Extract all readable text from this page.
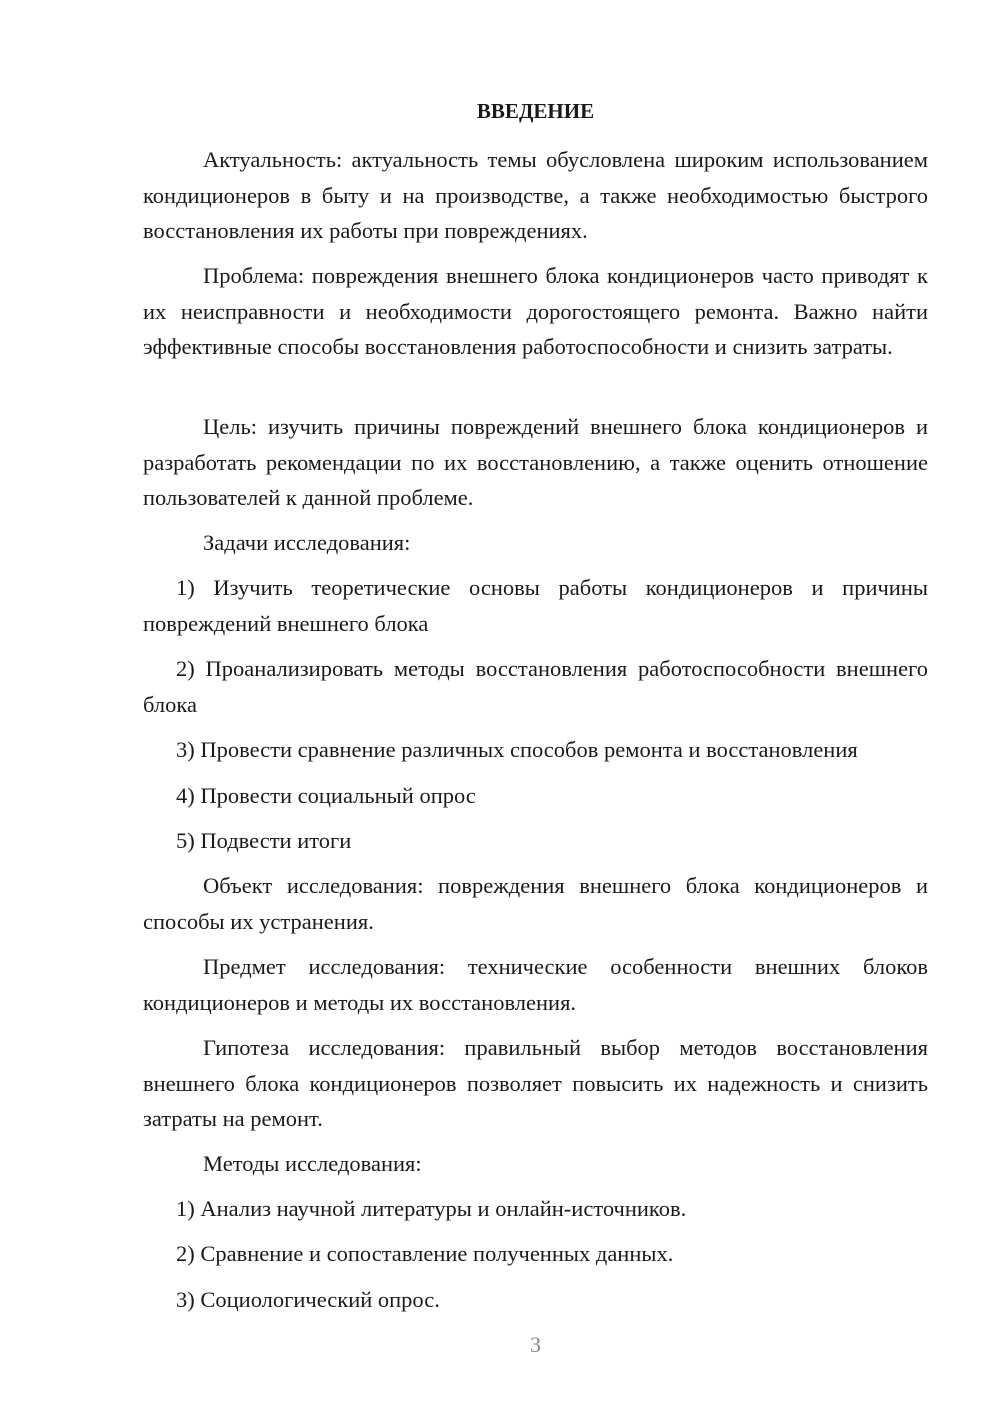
ВВЕДЕНИЕ

Актуальность: актуальность темы обусловлена широким использованием кондиционеров в быту и на производстве, а также необходимостью быстрого восстановления их работы при повреждениях.

Проблема: повреждения внешнего блока кондиционеров часто приводят к их неисправности и необходимости дорогостоящего ремонта. Важно найти эффективные способы восстановления работоспособности и снизить затраты.

Цель: изучить причины повреждений внешнего блока кондиционеров и разработать рекомендации по их восстановлению, а также оценить отношение пользователей к данной проблеме.

Задачи исследования:

1) Изучить теоретические основы работы кондиционеров и причины повреждений внешнего блока

2) Проанализировать методы восстановления работоспособности внешнего блока

3) Провести сравнение различных способов ремонта и восстановления

4) Провести социальный опрос

5) Подвести итоги

Объект исследования: повреждения внешнего блока кондиционеров и способы их устранения.

Предмет исследования: технические особенности внешних блоков кондиционеров и методы их восстановления.

Гипотеза исследования: правильный выбор методов восстановления внешнего блока кондиционеров позволяет повысить их надежность и снизить затраты на ремонт.

Методы исследования:

1) Анализ научной литературы и онлайн-источников.

2) Сравнение и сопоставление полученных данных.

3) Социологический опрос.

3
